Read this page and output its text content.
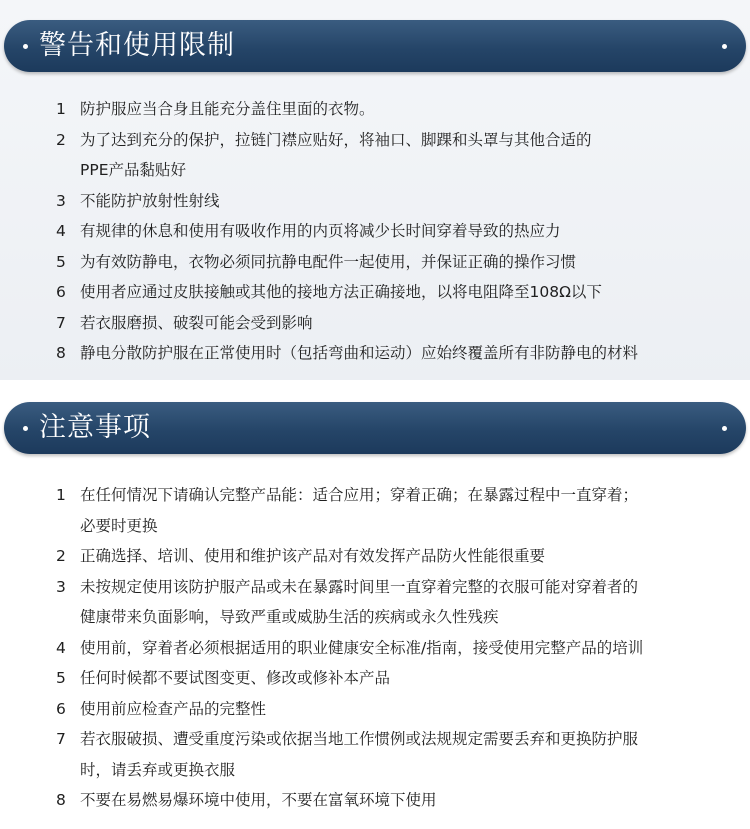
警告和使用限制
1 防护服应当合身且能充分盖住里面的衣物。
2 为了达到充分的保护，拉链门襟应贴好，将袖口、脚踝和头罩与其他合适的
PPE产品黏贴好
3 不能防护放射性射线
4 有规律的休息和使用有吸收作用的内页将减少长时间穿着导致的热应力
5 为有效防静电，衣物必须同抗静电配件一起使用，并保证正确的操作习惯
6 使用者应通过皮肤接触或其他的接地方法正确接地，以将电阻降至108Ω以下
7 若衣服磨损、破裂可能会受到影响
8 静电分散防护服在正常使用时（包括弯曲和运动）应始终覆盖所有非防静电的材料
注意事项
1 在任何情况下请确认完整产品能：适合应用；穿着正确；在暴露过程中一直穿着；
必要时更换
2 正确选择、培训、使用和维护该产品对有效发挥产品防火性能很重要
3 未按规定使用该防护服产品或未在暴露时间里一直穿着完整的衣服可能对穿着者的
健康带来负面影响，导致严重或威胁生活的疾病或永久性残疾
4 使用前，穿着者必须根据适用的职业健康安全标准/指南，接受使用完整产品的培训
5 任何时候都不要试图变更、修改或修补本产品
6 使用前应检查产品的完整性
7 若衣服破损、遭受重度污染或依据当地工作惯例或法规规定需要丢弃和更换防护服
时，请丢弃或更换衣服
8 不要在易燃易爆环境中使用，不要在富氧环境下使用
